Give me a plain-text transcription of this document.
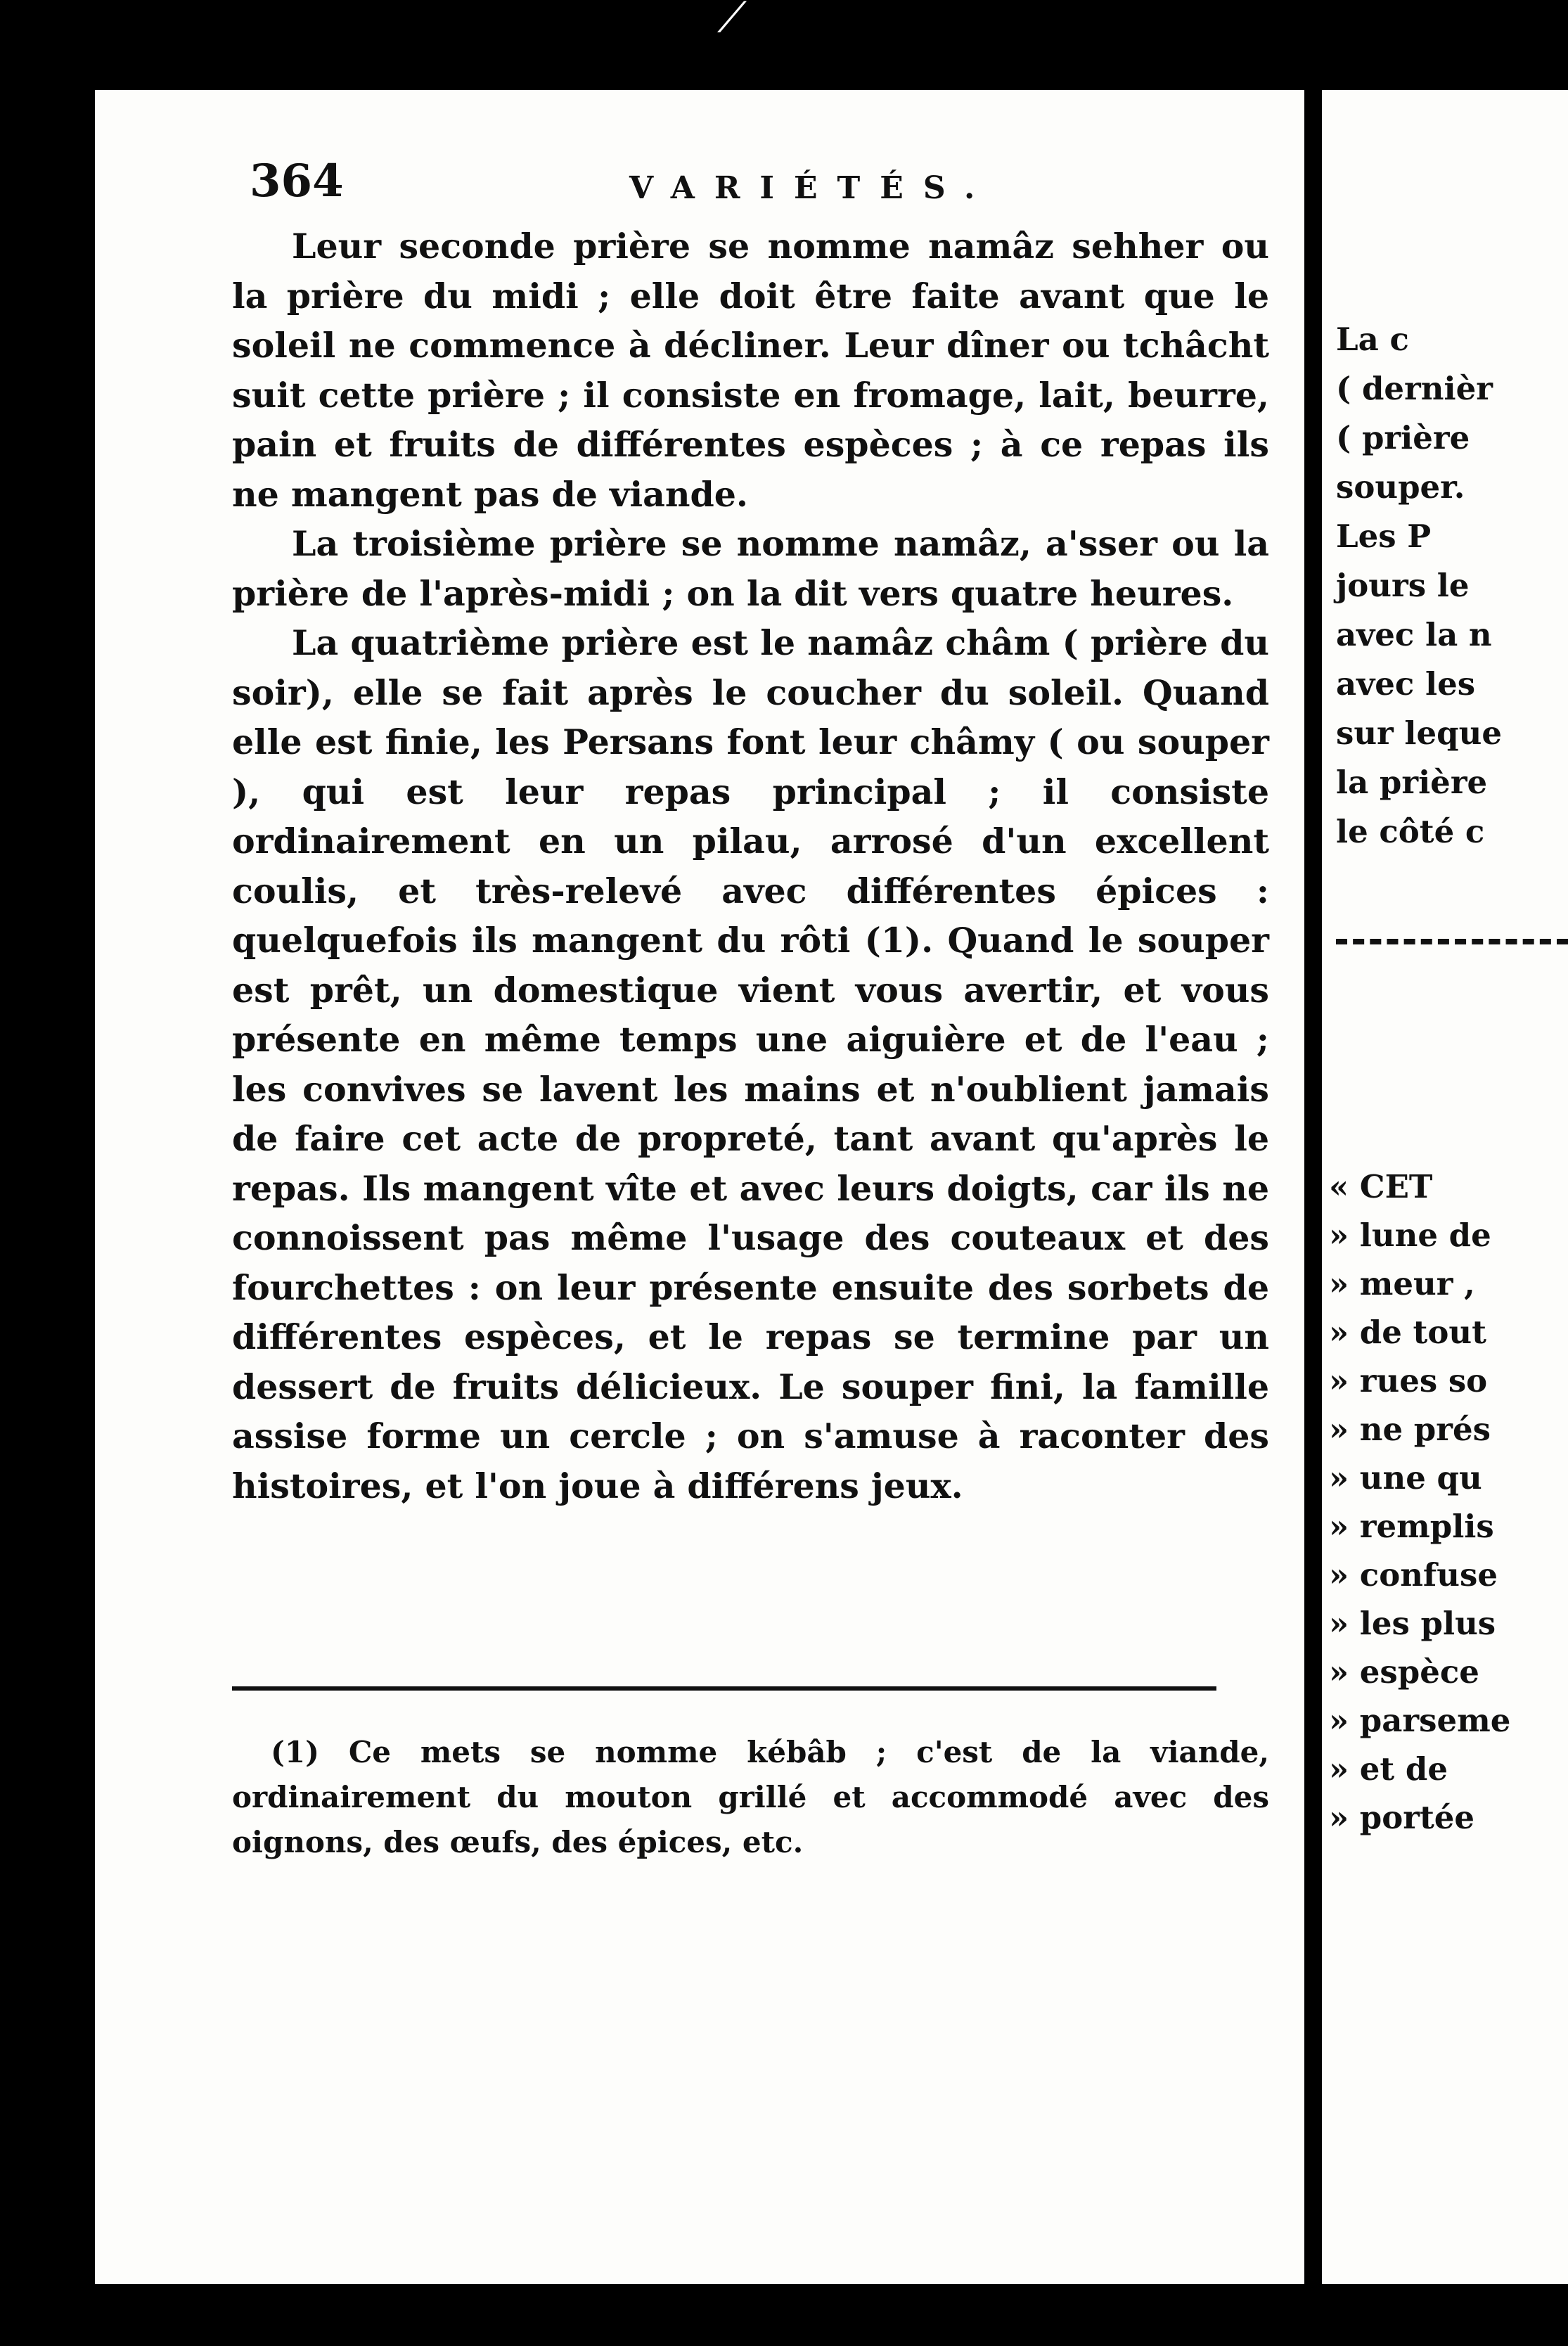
⟋
364	VARIÉTÉS.

Leur seconde prière se nomme namâz sehher ou la prière du midi ; elle doit être faite avant que le soleil ne commence à décliner. Leur dîner ou tchâcht suit cette prière ; il consiste en fromage, lait, beurre, pain et fruits de différentes espèces ; à ce repas ils ne mangent pas de viande.

La troisième prière se nomme namâz, a'sser ou la prière de l'après-midi ; on la dit vers quatre heures.

La quatrième prière est le namâz châm ( prière du soir), elle se fait après le coucher du soleil. Quand elle est finie, les Persans font leur châmy ( ou souper ), qui est leur repas principal ; il consiste ordinairement en un pilau, arrosé d'un excellent coulis, et très-relevé avec différentes épices : quelquefois ils mangent du rôti (1). Quand le souper est prêt, un domestique vient vous avertir, et vous présente en même temps une aiguière et de l'eau ; les convives se lavent les mains et n'oublient jamais de faire cet acte de propreté, tant avant qu'après le repas. Ils mangent vîte et avec leurs doigts, car ils ne connoissent pas même l'usage des couteaux et des fourchettes : on leur présente ensuite des sorbets de différentes espèces, et le repas se termine par un dessert de fruits délicieux. Le souper fini, la famille assise forme un cercle ; on s'amuse à raconter des histoires, et l'on joue à différens jeux.

(1) Ce mets se nomme kébâb ; c'est de la viande, ordinairement du mouton grillé et accommodé avec des oignons, des œufs, des épices, etc.

La c
( dernièr
( prière
souper.
Les P
jours le
avec la n
avec les
sur leque
la prière
le côté c
« CET
» lune de
» meur ,
» de tout
» rues so
» ne prés
» une qu
» remplis
» confuse
» les plus
» espèce
» parseme
» et de
» portée
